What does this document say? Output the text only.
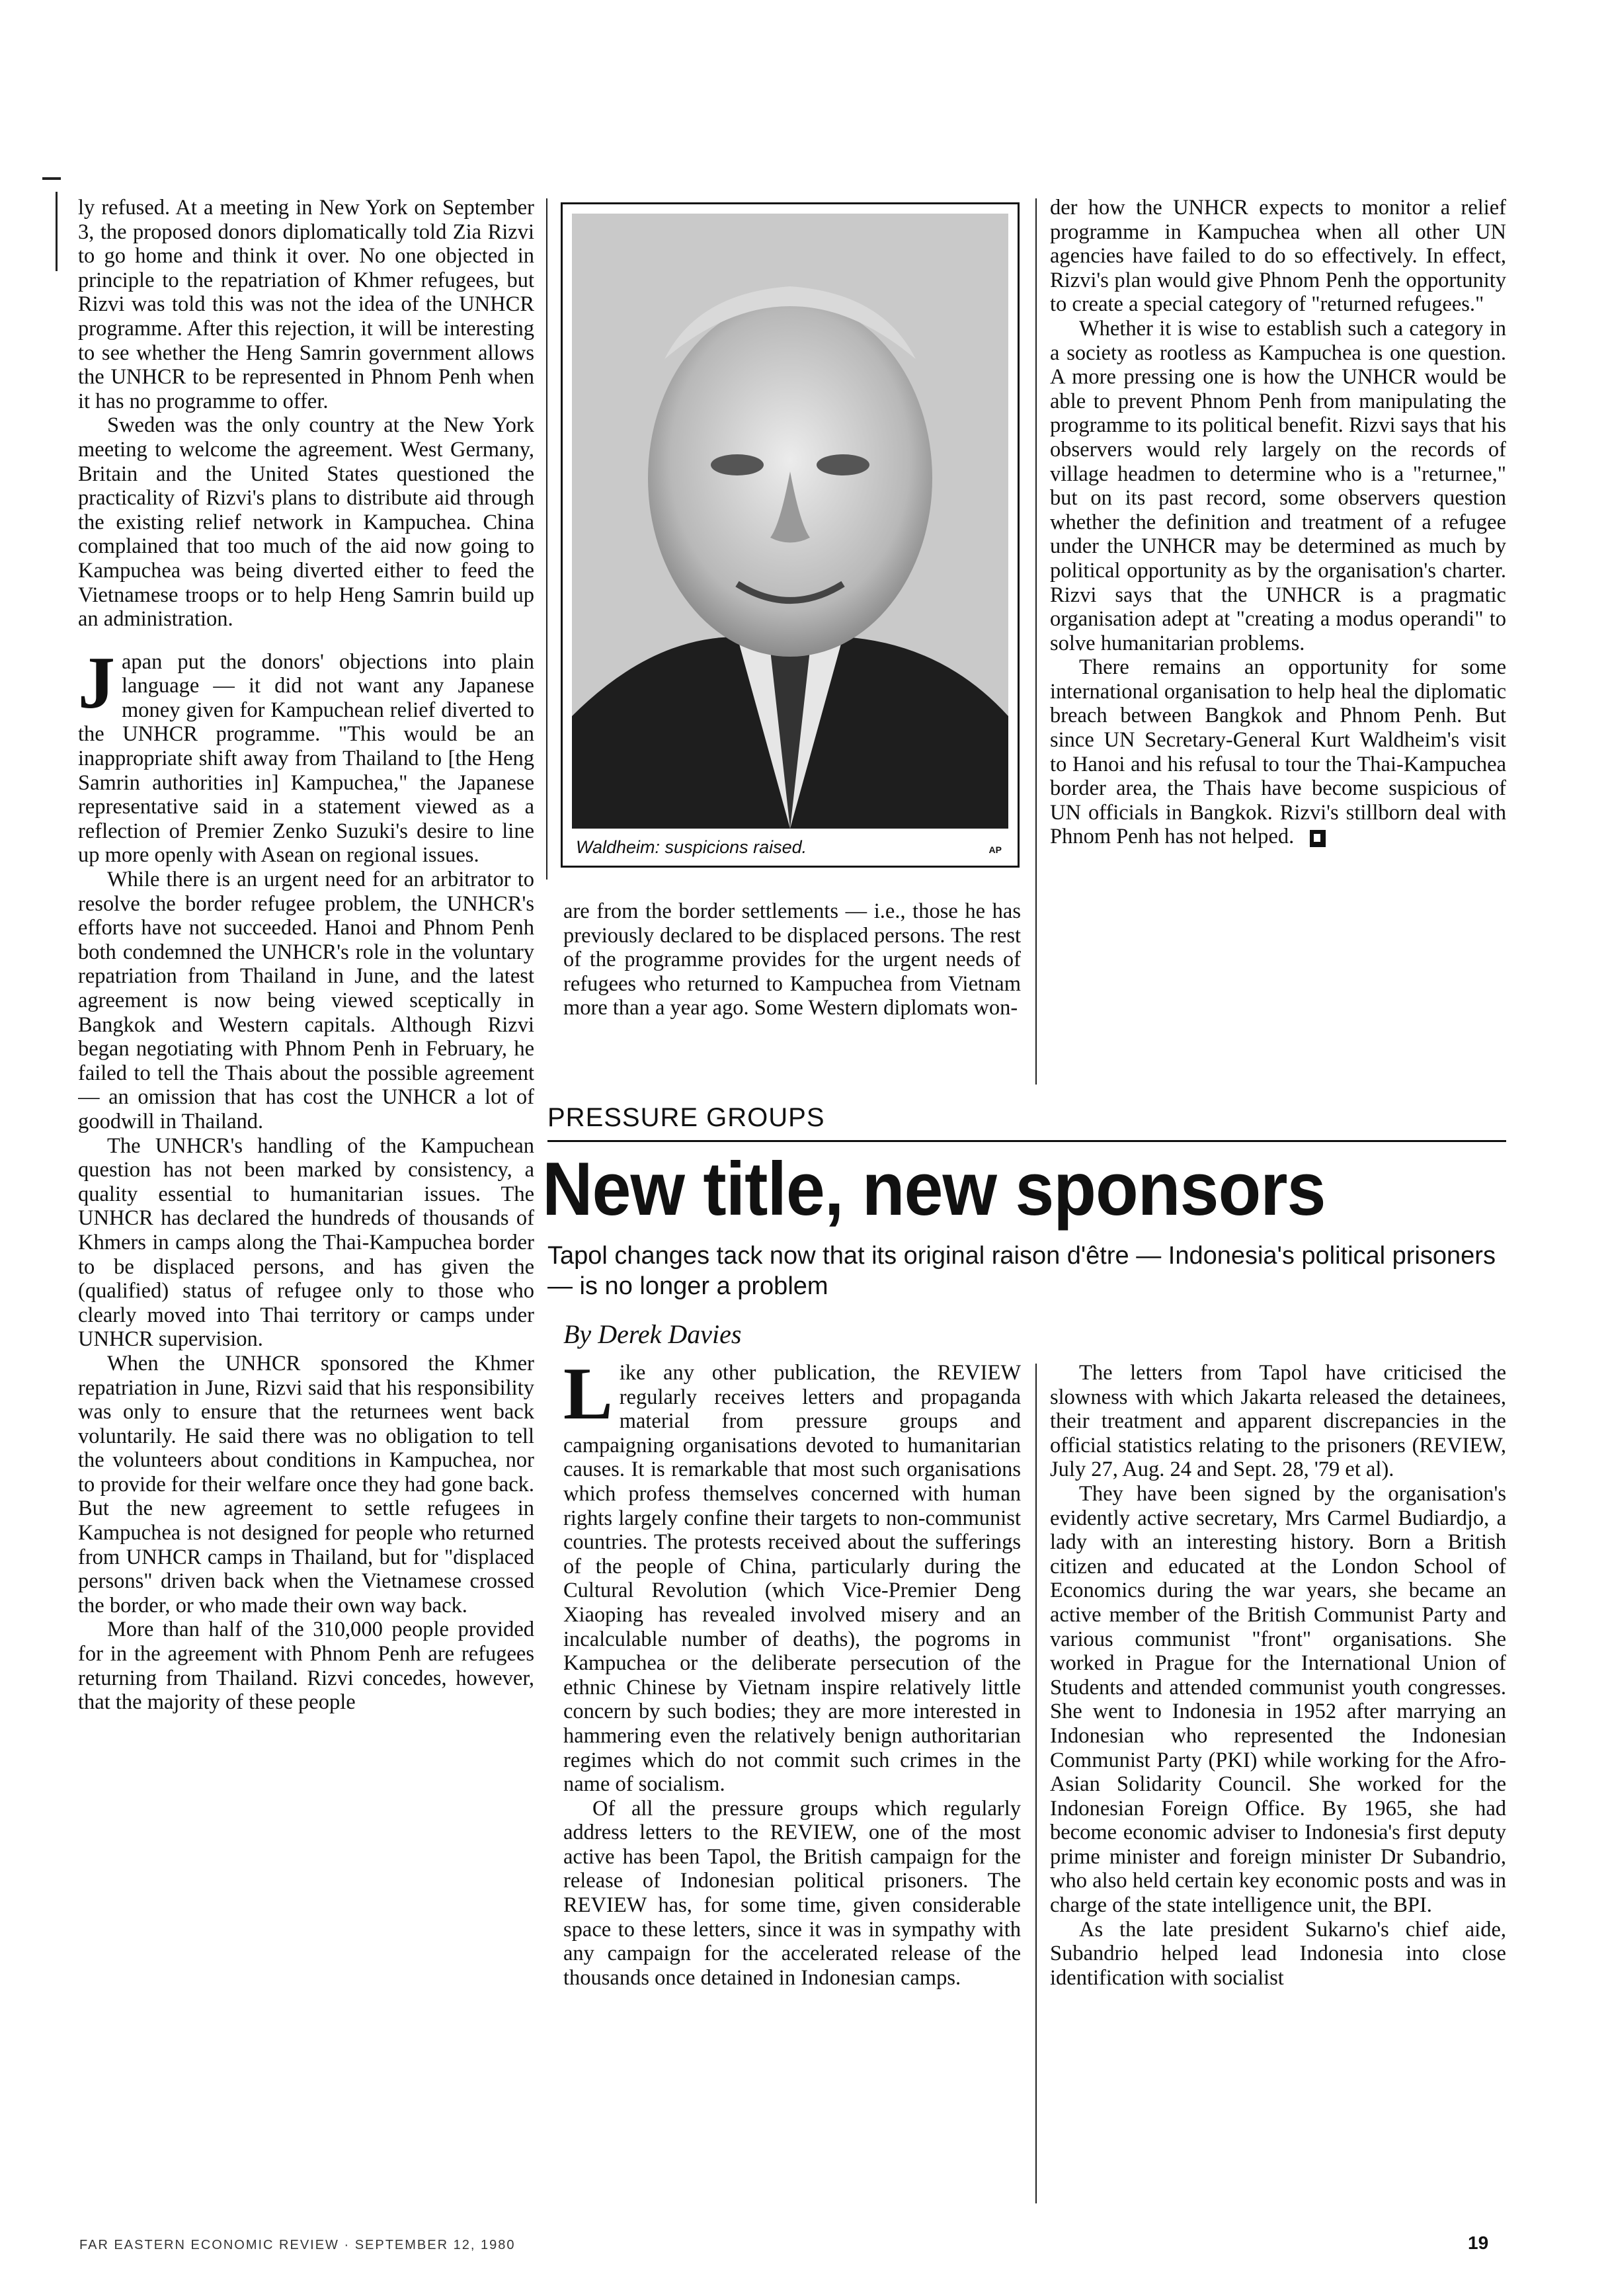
ly refused. At a meeting in New York on September 3, the proposed donors diplomatically told Zia Rizvi to go home and think it over. No one objected in principle to the repatriation of Khmer refugees, but Rizvi was told this was not the idea of the UNHCR programme. After this rejection, it will be interesting to see whether the Heng Samrin government allows the UNHCR to be represented in Phnom Penh when it has no programme to offer.

Sweden was the only country at the New York meeting to welcome the agreement. West Germany, Britain and the United States questioned the practicality of Rizvi's plans to distribute aid through the existing relief network in Kampuchea. China complained that too much of the aid now going to Kampuchea was being diverted either to feed the Vietnamese troops or to help Heng Samrin build up an administration.

Japan put the donors' objections into plain language — it did not want any Japanese money given for Kampuchean relief diverted to the UNHCR programme. "This would be an inappropriate shift away from Thailand to [the Heng Samrin authorities in] Kampuchea," the Japanese representative said in a statement viewed as a reflection of Premier Zenko Suzuki's desire to line up more openly with Asean on regional issues.

While there is an urgent need for an arbitrator to resolve the border refugee problem, the UNHCR's efforts have not succeeded. Hanoi and Phnom Penh both condemned the UNHCR's role in the voluntary repatriation from Thailand in June, and the latest agreement is now being viewed sceptically in Bangkok and Western capitals. Although Rizvi began negotiating with Phnom Penh in February, he failed to tell the Thais about the possible agreement — an omission that has cost the UNHCR a lot of goodwill in Thailand.

The UNHCR's handling of the Kampuchean question has not been marked by consistency, a quality essential to humanitarian issues. The UNHCR has declared the hundreds of thousands of Khmers in camps along the Thai-Kampuchea border to be displaced persons, and has given the (qualified) status of refugee only to those who clearly moved into Thai territory or camps under UNHCR supervision.

When the UNHCR sponsored the Khmer repatriation in June, Rizvi said that his responsibility was only to ensure that the returnees went back voluntarily. He said there was no obligation to tell the volunteers about conditions in Kampuchea, nor to provide for their welfare once they had gone back. But the new agreement to settle refugees in Kampuchea is not designed for people who returned from UNHCR camps in Thailand, but for "displaced persons" driven back when the Vietnamese crossed the border, or who made their own way back.

More than half of the 310,000 people provided for in the agreement with Phnom Penh are refugees returning from Thailand. Rizvi concedes, however, that the majority of these people

Waldheim: suspicions raised.	AP

are from the border settlements — i.e., those he has previously declared to be displaced persons. The rest of the programme provides for the urgent needs of refugees who returned to Kampuchea from Vietnam more than a year ago. Some Western diplomats won-

der how the UNHCR expects to monitor a relief programme in Kampuchea when all other UN agencies have failed to do so effectively. In effect, Rizvi's plan would give Phnom Penh the opportunity to create a special category of "returned refugees."

Whether it is wise to establish such a category in a society as rootless as Kampuchea is one question. A more pressing one is how the UNHCR would be able to prevent Phnom Penh from manipulating the programme to its political benefit. Rizvi says that his observers would rely largely on the records of village headmen to determine who is a "returnee," but on its past record, some observers question whether the definition and treatment of a refugee under the UNHCR may be determined as much by political opportunity as by the organisation's charter. Rizvi says that the UNHCR is a pragmatic organisation adept at "creating a modus operandi" to solve humanitarian problems.

There remains an opportunity for some international organisation to help heal the diplomatic breach between Bangkok and Phnom Penh. But since UN Secretary-General Kurt Waldheim's visit to Hanoi and his refusal to tour the Thai-Kampuchea border area, the Thais have become suspicious of UN officials in Bangkok. Rizvi's stillborn deal with Phnom Penh has not helped.

PRESSURE GROUPS
New title, new sponsors
Tapol changes tack now that its original raison d'être — Indonesia's political prisoners — is no longer a problem
By Derek Davies

Like any other publication, the REVIEW regularly receives letters and propaganda material from pressure groups and campaigning organisations devoted to humanitarian causes. It is remarkable that most such organisations which profess themselves concerned with human rights largely confine their targets to non-communist countries. The protests received about the sufferings of the people of China, particularly during the Cultural Revolution (which Vice-Premier Deng Xiaoping has revealed involved misery and an incalculable number of deaths), the pogroms in Kampuchea or the deliberate persecution of the ethnic Chinese by Vietnam inspire relatively little concern by such bodies; they are more interested in hammering even the relatively benign authoritarian regimes which do not commit such crimes in the name of socialism.

Of all the pressure groups which regularly address letters to the REVIEW, one of the most active has been Tapol, the British campaign for the release of Indonesian political prisoners. The REVIEW has, for some time, given considerable space to these letters, since it was in sympathy with any campaign for the accelerated release of the thousands once detained in Indonesian camps.

The letters from Tapol have criticised the slowness with which Jakarta released the detainees, their treatment and apparent discrepancies in the official statistics relating to the prisoners (REVIEW, July 27, Aug. 24 and Sept. 28, '79 et al).

They have been signed by the organisation's evidently active secretary, Mrs Carmel Budiardjo, a lady with an interesting history. Born a British citizen and educated at the London School of Economics during the war years, she became an active member of the British Communist Party and various communist "front" organisations. She worked in Prague for the International Union of Students and attended communist youth congresses. She went to Indonesia in 1952 after marrying an Indonesian who represented the Indonesian Communist Party (PKI) while working for the Afro-Asian Solidarity Council. She worked for the Indonesian Foreign Office. By 1965, she had become economic adviser to Indonesia's first deputy prime minister and foreign minister Dr Subandrio, who also held certain key economic posts and was in charge of the state intelligence unit, the BPI.

As the late president Sukarno's chief aide, Subandrio helped lead Indonesia into close identification with socialist

FAR EASTERN ECONOMIC REVIEW · SEPTEMBER 12, 1980	19
